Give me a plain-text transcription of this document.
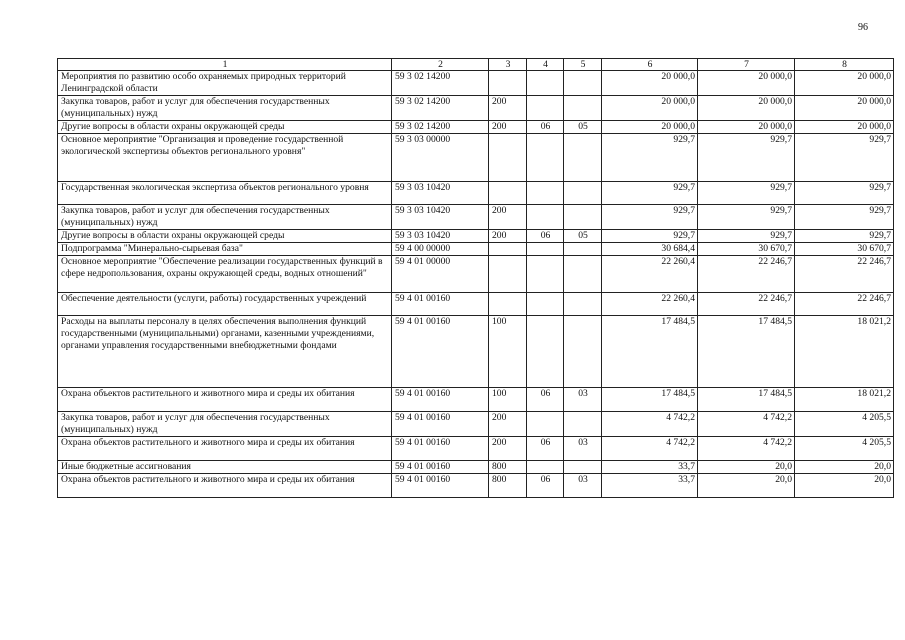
96
1	2	3	4	5	6	7	8
Мероприятия по развитию особо охраняемых природных территорий Ленинградской области	59 3 02 14200				20 000,0	20 000,0	20 000,0
Закупка товаров, работ и услуг для обеспечения государственных (муниципальных) нужд	59 3 02 14200	200			20 000,0	20 000,0	20 000,0
Другие вопросы в области охраны окружающей среды	59 3 02 14200	200	06	05	20 000,0	20 000,0	20 000,0
Основное мероприятие "Организация и проведение государственной экологической экспертизы объектов регионального уровня"	59 3 03 00000				929,7	929,7	929,7
Государственная экологическая экспертиза объектов регионального уровня	59 3 03 10420				929,7	929,7	929,7
Закупка товаров, работ и услуг для обеспечения государственных (муниципальных) нужд	59 3 03 10420	200			929,7	929,7	929,7
Другие вопросы в области охраны окружающей среды	59 3 03 10420	200	06	05	929,7	929,7	929,7
Подпрограмма "Минерально-сырьевая база"	59 4 00 00000				30 684,4	30 670,7	30 670,7
Основное мероприятие "Обеспечение реализации государственных функций в сфере недропользования, охраны окружающей среды, водных отношений"	59 4 01 00000				22 260,4	22 246,7	22 246,7
Обеспечение деятельности (услуги, работы) государственных учреждений	59 4 01 00160				22 260,4	22 246,7	22 246,7
Расходы на выплаты персоналу в целях обеспечения выполнения функций государственными (муниципальными) органами, казенными учреждениями, органами управления государственными внебюджетными фондами	59 4 01 00160	100			17 484,5	17 484,5	18 021,2
Охрана объектов растительного и животного мира и среды их обитания	59 4 01 00160	100	06	03	17 484,5	17 484,5	18 021,2
Закупка товаров, работ и услуг для обеспечения государственных (муниципальных) нужд	59 4 01 00160	200			4 742,2	4 742,2	4 205,5
Охрана объектов растительного и животного мира и среды их обитания	59 4 01 00160	200	06	03	4 742,2	4 742,2	4 205,5
Иные бюджетные ассигнования	59 4 01 00160	800			33,7	20,0	20,0
Охрана объектов растительного и животного мира и среды их обитания	59 4 01 00160	800	06	03	33,7	20,0	20,0
